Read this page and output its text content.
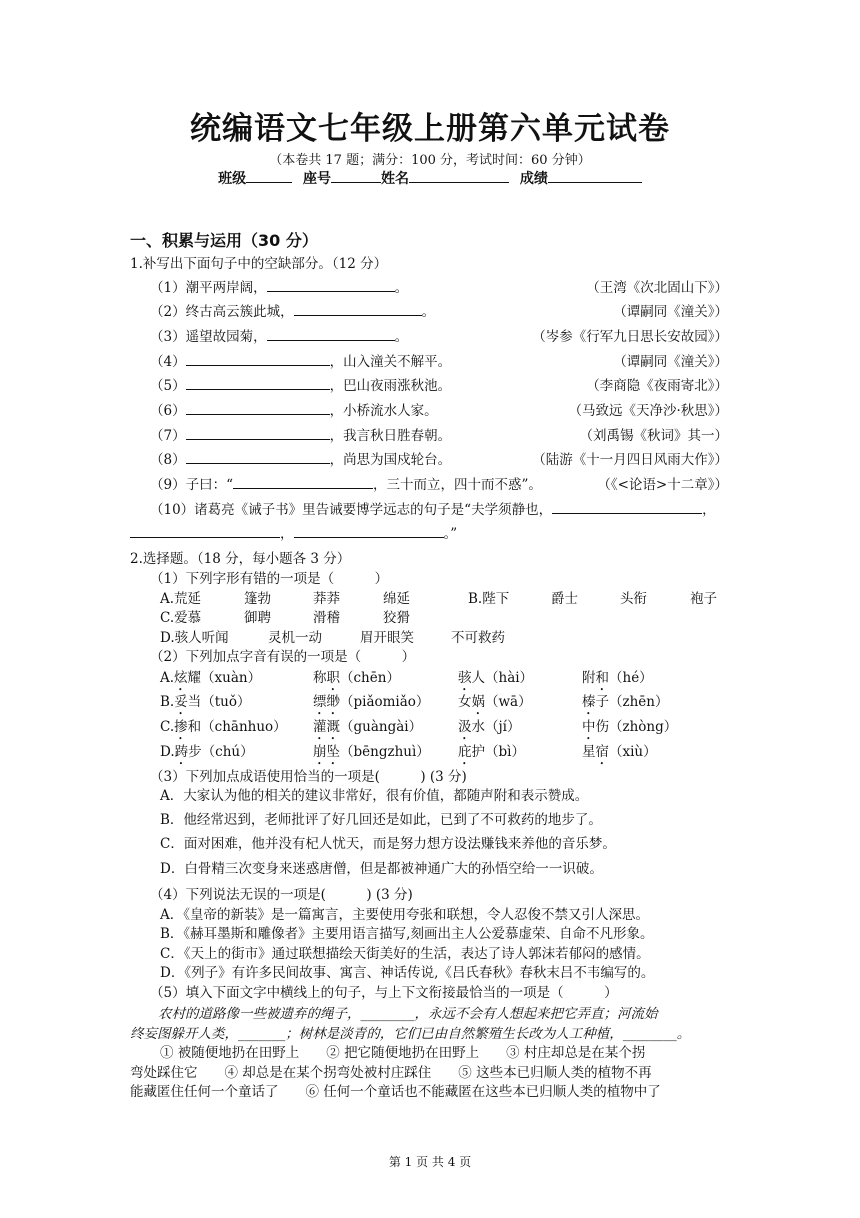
统编语文七年级上册第六单元试卷
（本卷共 17 题；满分：100 分，考试时间：60 分钟）
班级	座号	姓名	成绩
一、积累与运用（30 分）
1.补写出下面句子中的空缺部分。（12 分）
（1）潮平两岸阔，	。	（王湾《次北固山下》）
（2）终古高云簇此城，	。	（谭嗣同《潼关》）
（3）遥望故园菊，	。	（岑参《行军九日思长安故园》）
（4）	，山入潼关不解平。	（谭嗣同《潼关》）
（5）	，巴山夜雨涨秋池。	（李商隐《夜雨寄北》）
（6）	，小桥流水人家。	（马致远《天净沙·秋思》）
（7）	，我言秋日胜春朝。	（刘禹锡《秋词》其一）
（8）	，尚思为国戍轮台。	（陆游《十一月四日风雨大作》）
（9）子曰：“	，三十而立，四十而不惑”。	（《<论语>十二章》）
（10）诸葛亮《诫子书》里告诫要博学远志的句子是“夫学须静也，	，
，	。”
2.选择题。（18 分，每小题各 3 分）
（1）下列字形有错的一项是（　　　）
A.荒延	篷勃	莽莽	绵延	B.陛下	爵士	头衔	袍子
C.爱慕	御聘	滑稽	狡猾
D.骇人听闻	灵机一动	眉开眼笑	不可救药
（2）下列加点字音有误的一项是（　　　）
A.炫耀（xuàn）	称职（chēn）	骇人（hài）	附和（hé）
B.妥当（tuǒ）	缥缈（piǎomiǎo） 女娲（wā）	榛子（zhēn）
C.掺和（chānhuo） 灌溉（guàngài）	汲水（jí）	中伤（zhòng）
D.踌步（chú）	崩坠（bēngzhuì） 庇护（bì）	星宿（xiù）
（3）下列加点成语使用恰当的一项是(　　　) (3 分)
A．大家认为他的相关的建议非常好，很有价值，都随声附和表示赞成。
B．他经常迟到，老师批评了好几回还是如此，已到了不可救药的地步了。
C．面对困难，他并没有杞人忧天，而是努力想方设法赚钱来养他的音乐梦。
D．白骨精三次变身来迷惑唐僧，但是都被神通广大的孙悟空给一一识破。
（4）下列说法无误的一项是(　　　) (3 分)
A．《皇帝的新装》是一篇寓言，主要使用夸张和联想，令人忍俊不禁又引人深思。
B．《赫耳墨斯和雕像者》主要用语言描写,刻画出主人公爱慕虚荣、自命不凡形象。
C．《天上的街市》通过联想描绘天街美好的生活，表达了诗人郭沫若郁闷的感情。
D．《列子》有许多民间故事、寓言、神话传说,《吕氏春秋》春秋末吕不韦编写的。
（5）填入下面文字中横线上的句子，与上下文衔接最恰当的一项是（　　　）
农村的道路像一些被遗弃的绳子，________，永远不会有人想起来把它弄直；河流始
终妄图躲开人类，_______；树林是淡青的，它们已由自然繁殖生长改为人工种植，________。
① 被随便地扔在田野上　　② 把它随便地扔在田野上　　③ 村庄却总是在某个拐
弯处踩住它　　④ 却总是在某个拐弯处被村庄踩住　　⑤ 这些本已归顺人类的植物不再
能藏匿住任何一个童话了　　⑥ 任何一个童话也不能藏匿在这些本已归顺人类的植物中了
第 1 页 共 4 页
